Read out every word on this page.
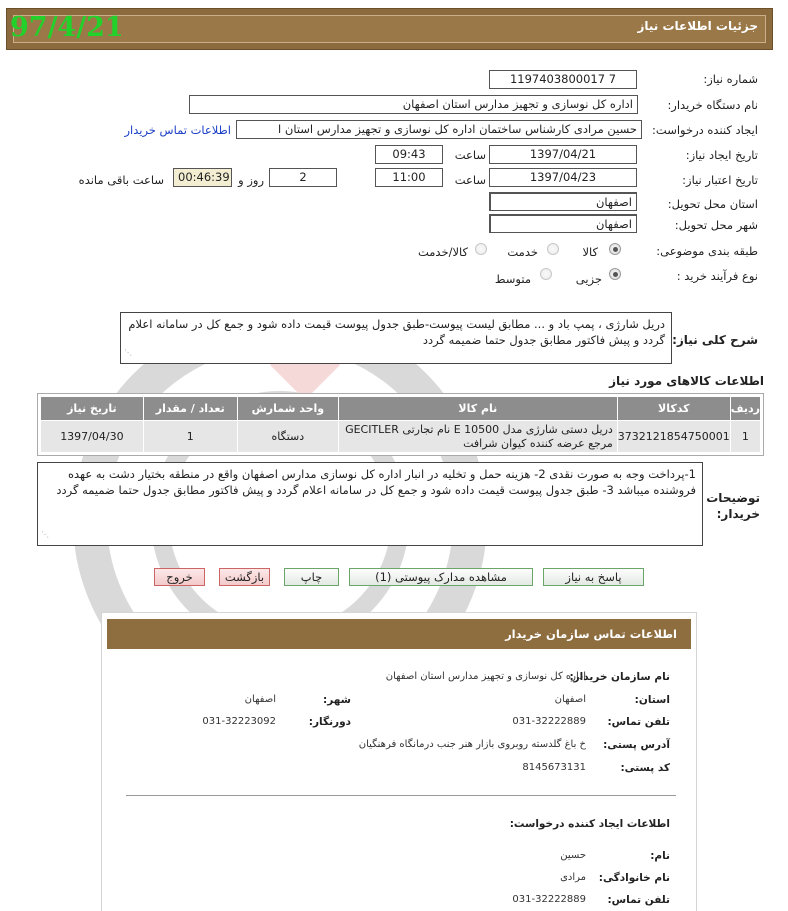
جزئیات اطلاعات نیاز
97/4/21
شماره نیاز:
1197403800017 7
نام دستگاه خریدار:
اداره کل نوسازی و تجهیز مدارس استان اصفهان
ایجاد کننده درخواست:
حسین مرادی کارشناس ساختمان اداره کل نوسازی و تجهیز مدارس استان ا
اطلاعات تماس خریدار
تاریخ ایجاد نیاز:
1397/04/21
ساعت
09:43
تاریخ اعتبار نیاز:
1397/04/23
ساعت
11:00
2
روز و
00:46:39
ساعت باقی مانده
استان محل تحویل:
اصفهان
شهر محل تحویل:
اصفهان
طبقه بندی موضوعی:
کالا
خدمت
کالا/خدمت
نوع فرآیند خرید :
جزیی
متوسط
شرح کلی نیاز:
دریل شارژی ، پمپ باد و ... مطابق لیست پیوست-طبق جدول پیوست قیمت داده شود و جمع کل در سامانه اعلام گردد و پیش فاکتور مطابق جدول حتما ضمیمه گردد
⋰
اطلاعات کالاهای مورد نیاز
ردیف	کدکالا	نام کالا	واحد شمارش	تعداد / مقدار	تاریخ نیاز
1	3732121854750001	دریل دستی شارژی مدل E 10500 نام تجارتی GECITLER
مرجع عرضه کننده کیوان شرافت	دستگاه	1	1397/04/30
توضیحات خریدار:
1-پرداخت وجه به صورت نقدی 2- هزینه حمل و تخلیه در انبار اداره کل نوسازی مدارس اصفهان واقع در منطقه بختیار دشت به عهده فروشنده میباشد 3- طبق جدول پیوست قیمت داده شود و جمع کل در سامانه اعلام گردد و پیش فاکتور مطابق جدول حتما ضمیمه گردد
⋰
پاسخ به نیاز
مشاهده مدارک پیوستی (1)
چاپ
بازگشت
خروج
اطلاعات تماس سازمان خریدار
نام سازمان خریدار:
اداره کل نوسازی و تجهیز مدارس استان اصفهان
استان:
اصفهان
شهر:
اصفهان
تلفن تماس:
031-32222889
دورنگار:
031-32223092
آدرس پستی:
خ باغ گلدسته روبروی بازار هنر جنب درمانگاه فرهنگیان
کد پستی:
8145673131
اطلاعات ایجاد کننده درخواست:
نام:
حسین
نام خانوادگی:
مرادی
تلفن تماس:
031-32222889
